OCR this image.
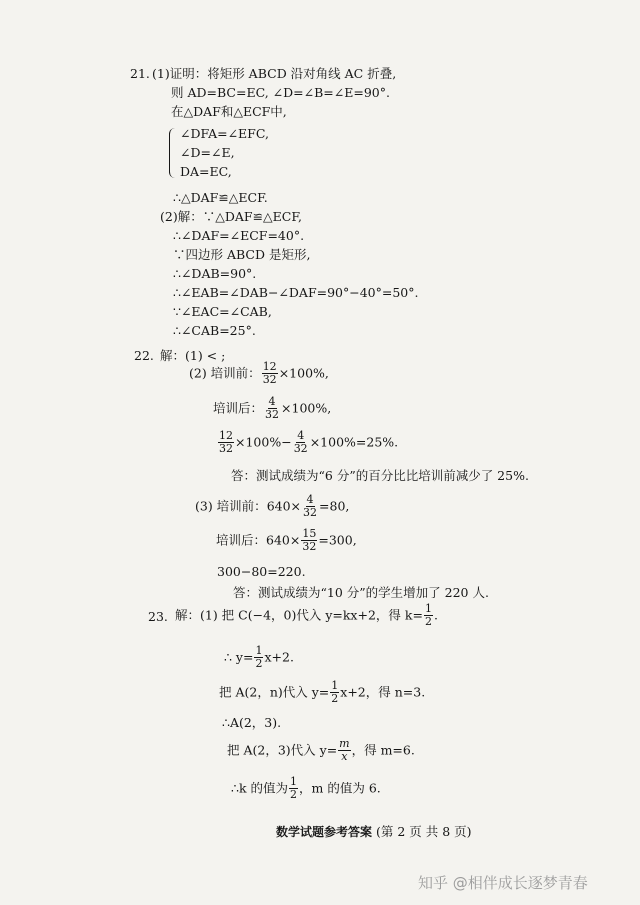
21. (1)证明：将矩形 ABCD 沿对角线 AC 折叠,
则 AD=BC=EC, ∠D=∠B=∠E=90°.
在△DAF和△ECF中,
∠DFA=∠EFC,
∠D=∠E,
DA=EC,
∴△DAF≌△ECF.
(2)解：∵△DAF≌△ECF,
∴∠DAF=∠ECF=40°.
∵四边形 ABCD 是矩形,
∴∠DAB=90°.
∴∠EAB=∠DAB−∠DAF=90°−40°=50°.
∵∠EAC=∠CAB,
∴∠CAB=25°.
22. 解：(1) < ;
(2) 培训前： $\frac{12}{32} \times 100\%$,
培训后： $\frac{4}{32} \times 100\%$,
$\frac{12}{32} \times 100\%- \frac{4}{32} \times 100\%=25\%$.
答：测试成绩为“6 分”的百分比比培训前减少了 25%.
(3) 培训前：$640\times \frac{4}{32} =80$,
培训后：$640\times \frac{15}{32} =300$,
300−80=220.
答：测试成绩为“10 分”的学生增加了 220 人.
23. 解：(1) 把 C(−4，0)代入 y=kx+2，得 $k= \frac{1}{2}$ .
∴ $y= \frac{1}{2} x+2$.
把 A(2，n)代入 $y= \frac{1}{2} x+2$，得 n=3.
∴A(2，3).
把 A(2，3)代入 $y= \frac{m}{x}$ ，得 m=6.
∴k 的值为 $\frac{1}{2}$ ，m 的值为 6.
数学试题参考答案 (第 2 页 共 8 页)
知乎 @相伴成长逐梦青春
